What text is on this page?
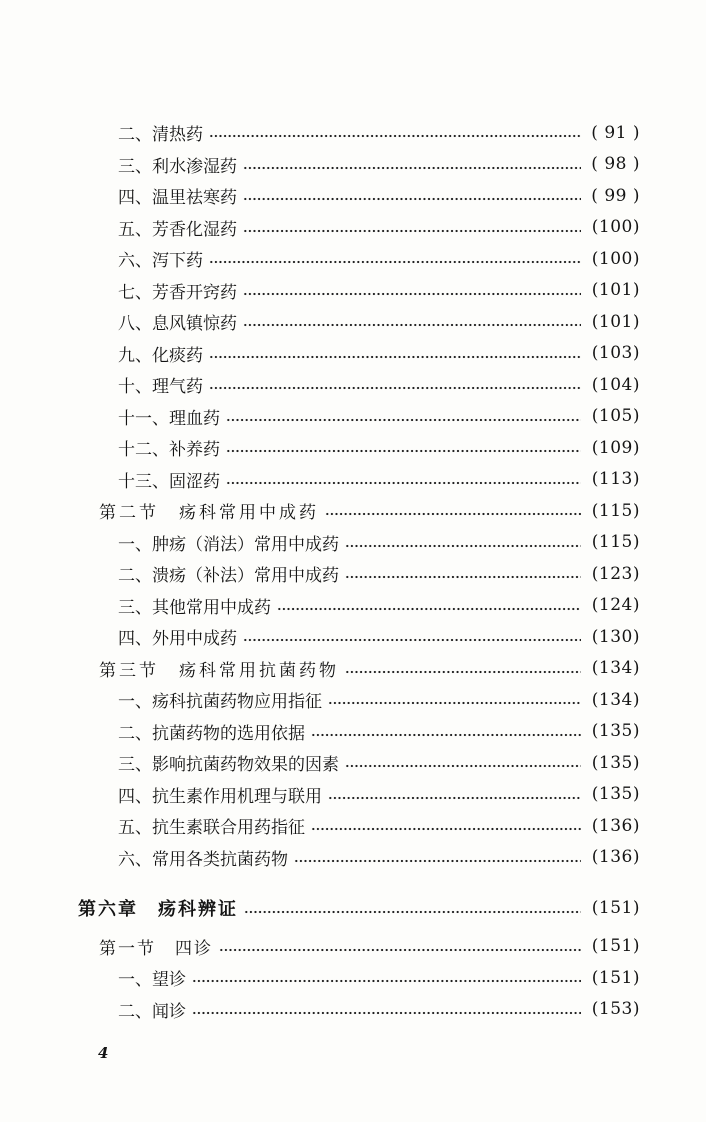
二、清热药	( 91 )
三、利水渗湿药	( 98 )
四、温里祛寒药	( 99 )
五、芳香化湿药	(100)
六、泻下药	(100)
七、芳香开窍药	(101)
八、息风镇惊药	(101)
九、化痰药	(103)
十、理气药	(104)
十一、理血药	(105)
十二、补养药	(109)
十三、固涩药	(113)
第二节　疡科常用中成药	(115)
一、肿疡（消法）常用中成药	(115)
二、溃疡（补法）常用中成药	(123)
三、其他常用中成药	(124)
四、外用中成药	(130)
第三节　疡科常用抗菌药物	(134)
一、疡科抗菌药物应用指征	(134)
二、抗菌药物的选用依据	(135)
三、影响抗菌药物效果的因素	(135)
四、抗生素作用机理与联用	(135)
五、抗生素联合用药指征	(136)
六、常用各类抗菌药物	(136)
第六章　疡科辨证	(151)
第一节　四诊	(151)
一、望诊	(151)
二、闻诊	(153)
4
